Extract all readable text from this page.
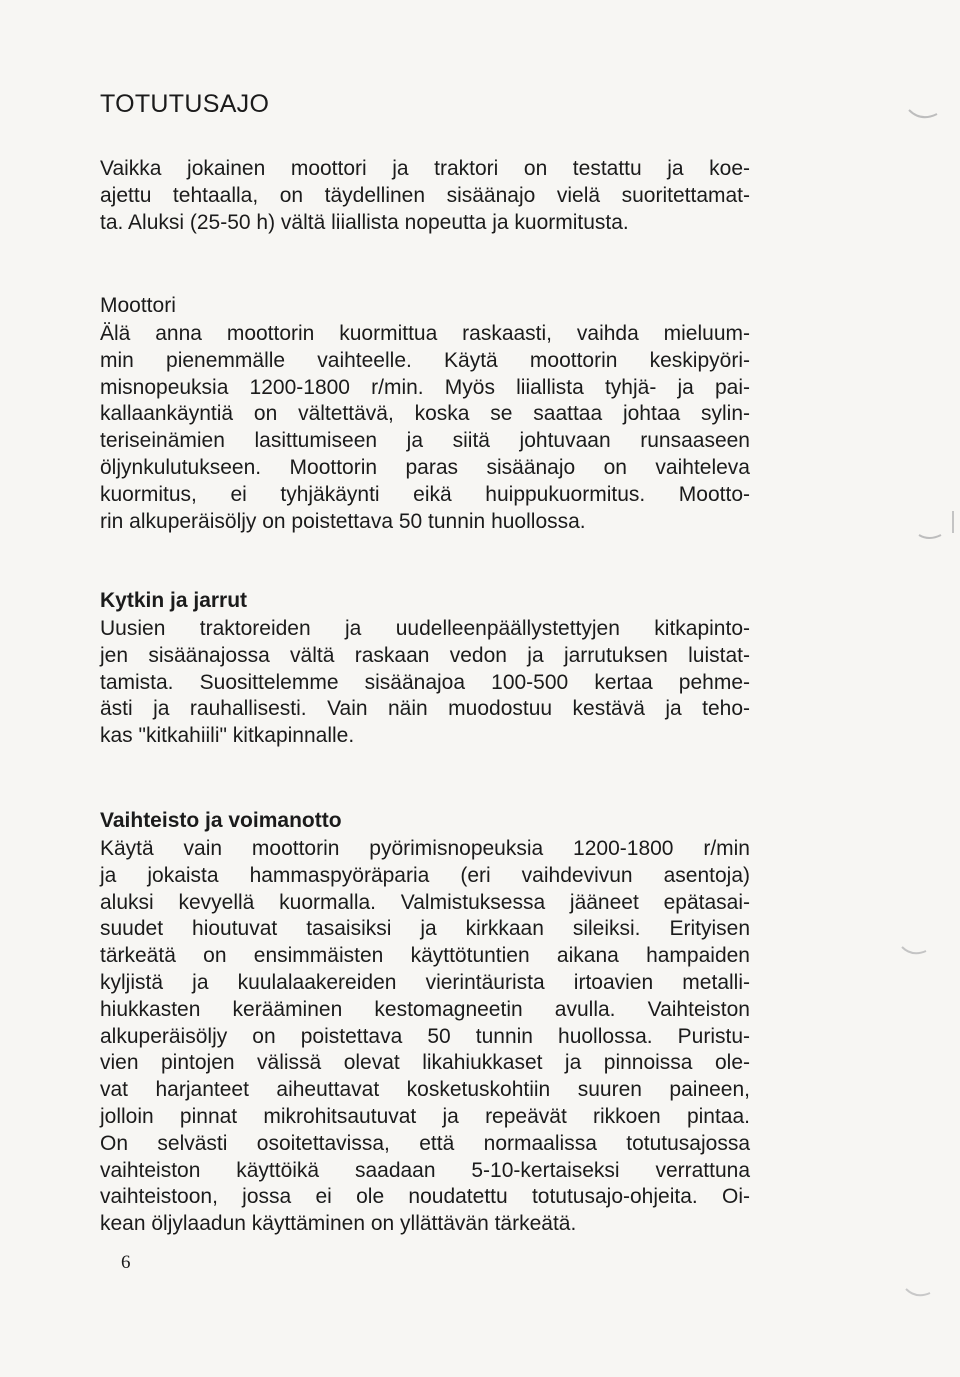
TOTUTUSAJO

Vaikka jokainen moottori ja traktori on testattu ja koe-
ajettu tehtaalla, on täydellinen sisäänajo vielä suoritettamat-
ta. Aluksi (25-50 h) vältä liiallista nopeutta ja kuormitusta.

Moottori

Älä anna moottorin kuormittua raskaasti, vaihda mieluum-
min pienemmälle vaihteelle. Käytä moottorin keskipyöri-
misnopeuksia 1200-1800 r/min. Myös liiallista tyhjä- ja pai-
kallaankäyntiä on vältettävä, koska se saattaa johtaa sylin-
teriseinämien lasittumiseen ja siitä johtuvaan runsaaseen
öljynkulutukseen. Moottorin paras sisäänajo on vaihteleva
kuormitus, ei tyhjäkäynti eikä huippukuormitus. Mootto-
rin alkuperäisöljy on poistettava 50 tunnin huollossa.

Kytkin ja jarrut

Uusien traktoreiden ja uudelleenpäällystettyjen kitkapinto-
jen sisäänajossa vältä raskaan vedon ja jarrutuksen luistat-
tamista. Suosittelemme sisäänajoa 100-500 kertaa pehme-
ästi ja rauhallisesti. Vain näin muodostuu kestävä ja teho-
kas "kitkahiili" kitkapinnalle.

Vaihteisto ja voimanotto

Käytä vain moottorin pyörimisnopeuksia 1200-1800 r/min
ja jokaista hammaspyöräparia (eri vaihdevivun asentoja)
aluksi kevyellä kuormalla. Valmistuksessa jääneet epätasai-
suudet hioutuvat tasaisiksi ja kirkkaan sileiksi. Erityisen
tärkeätä on ensimmäisten käyttötuntien aikana hampaiden
kyljistä ja kuulalaakereiden vierintäurista irtoavien metalli-
hiukkasten kerääminen kestomagneetin avulla. Vaihteiston
alkuperäisöljy on poistettava 50 tunnin huollossa. Puristu-
vien pintojen välissä olevat likahiukkaset ja pinnoissa ole-
vat harjanteet aiheuttavat kosketuskohtiin suuren paineen,
jolloin pinnat mikrohitsautuvat ja repeävät rikkoen pintaa.
On selvästi osoitettavissa, että normaalissa totutusajossa
vaihteiston käyttöikä saadaan 5-10-kertaiseksi verrattuna
vaihteistoon, jossa ei ole noudatettu totutusajo-ohjeita. Oi-
kean öljylaadun käyttäminen on yllättävän tärkeätä.

6
